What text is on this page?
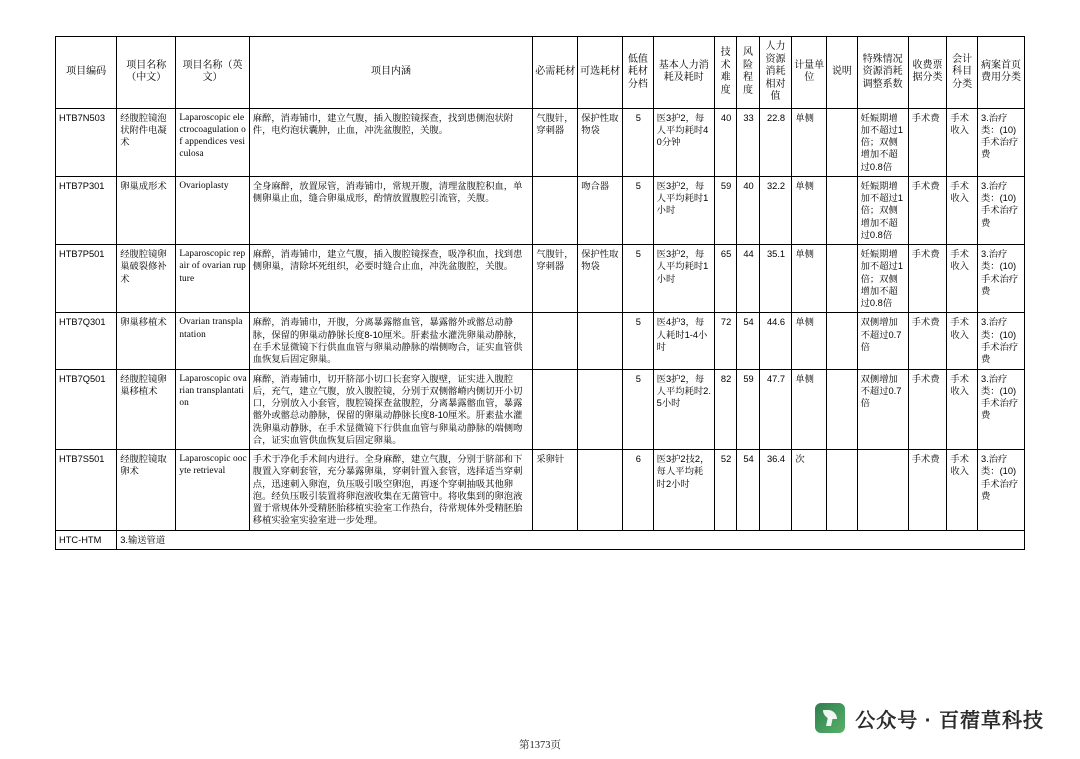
项目编码	项目名称（中文）	项目名称（英文）	项目内涵	必需耗材	可选耗材	低值耗材分档	基本人力消耗及耗时	技术难度	风险程度	人力资源消耗相对值	计量单位	说明	特殊情况资源消耗调整系数	收费票据分类	会计科目分类	病案首页费用分类
HTB7N503	经腹腔镜泡状附件电凝术	Laparoscopic electrocoagulation of appendices vesiculosa	麻醉，消毒铺巾，建立气腹，插入腹腔镜探查，找到患侧泡状附件，电灼泡状囊肿，止血，冲洗盆腹腔，关腹。	气腹针，穿刺器	保护性取物袋	5	医3护2，每人平均耗时40分钟	40	33	22.8	单侧		妊娠期增加不超过1倍；双侧增加不超过0.8倍	手术费	手术收入	3.治疗类：(10)手术治疗费
HTB7P301	卵巢成形术	Ovarioplasty	全身麻醉，放置尿管，消毒铺巾，常规开腹，清理盆腹腔积血，单侧卵巢止血，缝合卵巢成形，酌情放置腹腔引流管，关腹。		吻合器	5	医3护2，每人平均耗时1小时	59	40	32.2	单侧		妊娠期增加不超过1倍；双侧增加不超过0.8倍	手术费	手术收入	3.治疗类：(10)手术治疗费
HTB7P501	经腹腔镜卵巢破裂修补术	Laparoscopic repair of ovarian rupture	麻醉，消毒铺巾，建立气腹，插入腹腔镜探查，吸净积血，找到患侧卵巢，清除坏死组织，必要时缝合止血，冲洗盆腹腔，关腹。	气腹针，穿刺器	保护性取物袋	5	医3护2，每人平均耗时1小时	65	44	35.1	单侧		妊娠期增加不超过1倍；双侧增加不超过0.8倍	手术费	手术收入	3.治疗类：(10)手术治疗费
HTB7Q301	卵巢移植术	Ovarian transplantation	麻醉，消毒铺巾，开腹，分离暴露髂血管，暴露髂外或髂总动静脉，保留的卵巢动静脉长度8-10厘米。肝素盐水灌洗卵巢动静脉，在手术显微镜下行供血血管与卵巢动静脉的端侧吻合，证实血管供血恢复后固定卵巢。			5	医4护3，每人耗时1-4小时	72	54	44.6	单侧		双侧增加不超过0.7倍	手术费	手术收入	3.治疗类：(10)手术治疗费
HTB7Q501	经腹腔镜卵巢移植术	Laparoscopic ovarian transplantation	麻醉，消毒铺巾，切开脐部小切口长套穿入腹壁，证实进入腹腔后，充气，建立气腹，放入腹腔镜，分别于双侧髂嵴内侧切开小切口，分别放入小套管，腹腔镜探查盆腹腔，分离暴露髂血管，暴露髂外或髂总动静脉，保留的卵巢动静脉长度8-10厘米。肝素盐水灌洗卵巢动静脉，在手术显微镜下行供血血管与卵巢动静脉的端侧吻合，证实血管供血恢复后固定卵巢。			5	医3护2，每人平均耗时2.5小时	82	59	47.7	单侧		双侧增加不超过0.7倍	手术费	手术收入	3.治疗类：(10)手术治疗费
HTB7S501	经腹腔镜取卵术	Laparoscopic oocyte retrieval	手术于净化手术间内进行。全身麻醉，建立气腹，分别于脐部和下腹置入穿刺套管，充分暴露卵巢，穿刺针置入套管，选择适当穿刺点，迅速刺入卵泡，负压吸引吸空卵泡，再逐个穿刺抽吸其他卵泡。经负压吸引装置将卵泡液收集在无菌管中。将收集到的卵泡液置于常规体外受精胚胎移植实验室工作热台，待常规体外受精胚胎移植实验室实验室进一步处理。	采卵针		6	医3护2技2，每人平均耗时2小时	52	54	36.4	次			手术费	手术收入	3.治疗类：(10)手术治疗费
HTC-HTM	3.输送管道															
第1373页
公众号 · 百蓿草科技
